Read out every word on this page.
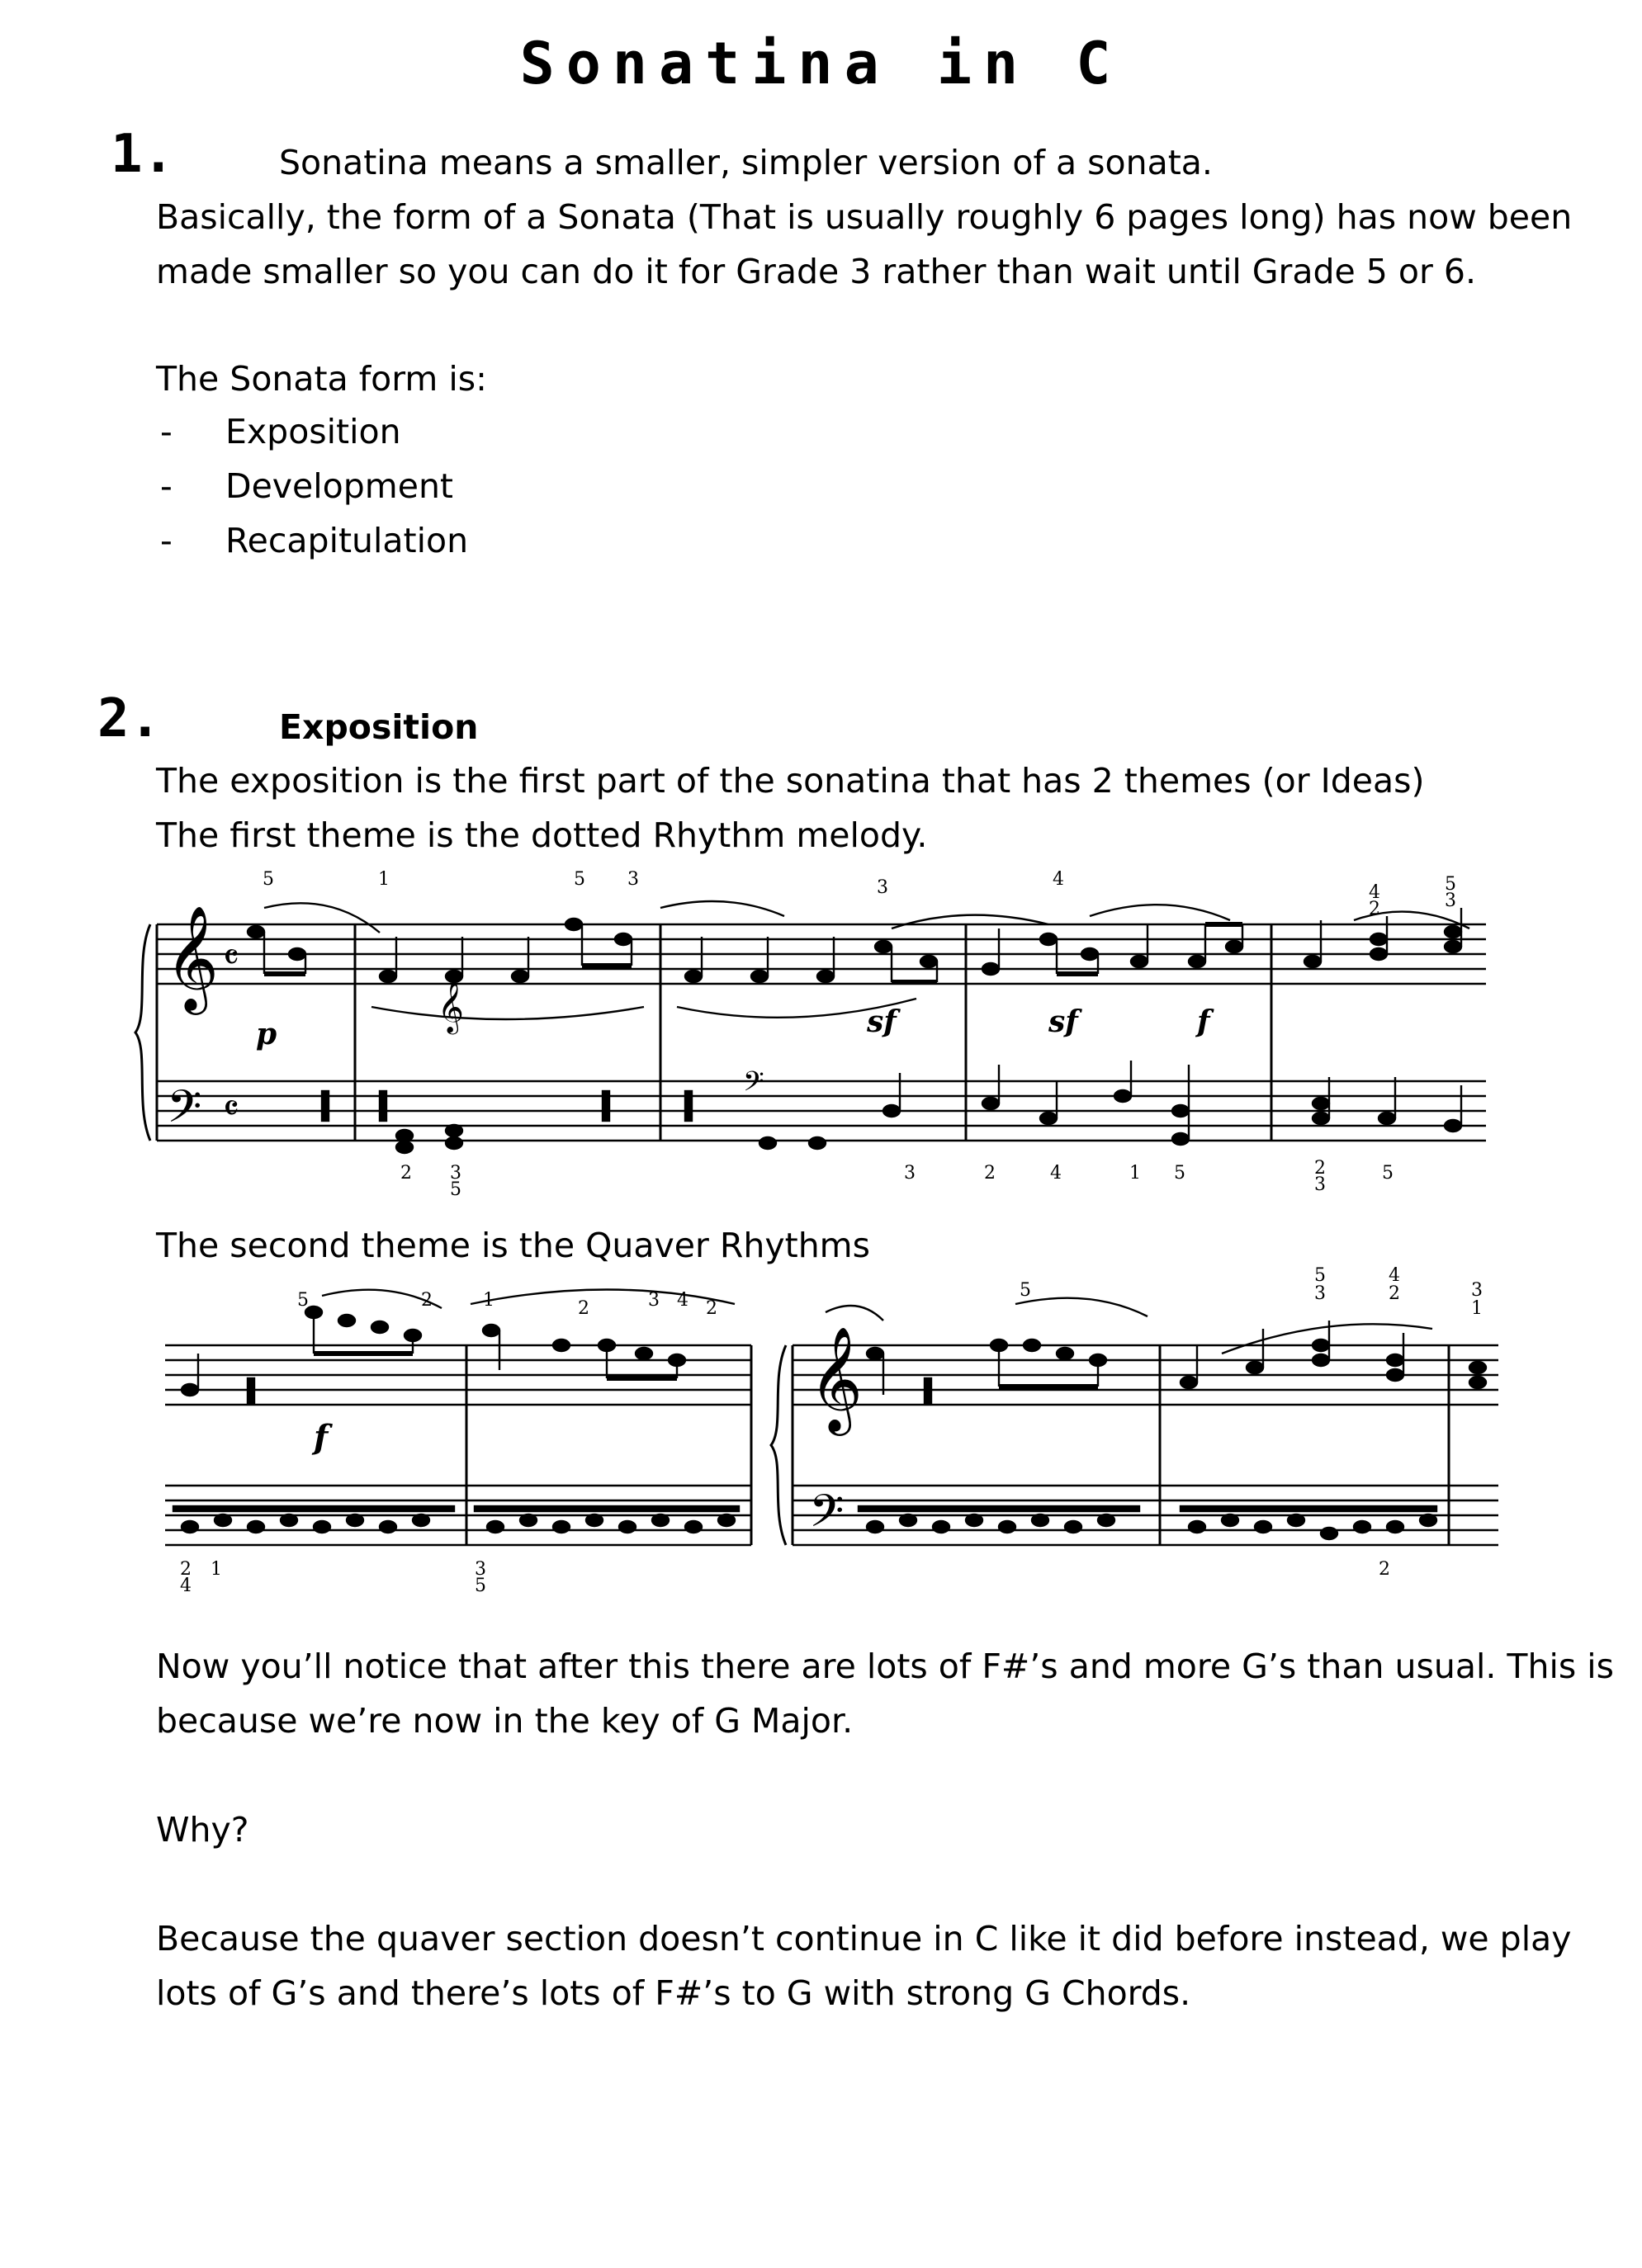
Sonatina in C
1.	Sonatina means a smaller, simpler version of a sonata.
Basically, the form of a Sonata (That is usually roughly 6 pages long) has now been
made smaller so you can do it for Grade 3 rather than wait until Grade 5 or 6.
The Sonata form is:
- Exposition
- Development
- Recapitulation
2.	Exposition
The exposition is the first part of the sonatina that has 2 themes (or Ideas)
The first theme is the dotted Rhythm melody.
𝄞
𝄢
𝄴
𝄴
𝄞
𝄢
p	sf	sf	f
5	1	5 3	3	4
4
2
5
3
2 3
5
3	2	4	1 5	2
3
5
The second theme is the Quaver Rhythms
𝄞
𝄢
f
5	2	1	2	3 4 2
5
5
3
4
2	3
1
2
4
1	3
5
2
Now you’ll notice that after this there are lots of F#’s and more G’s than usual. This is
because we’re now in the key of G Major.
Why?
Because the quaver section doesn’t continue in C like it did before instead, we play
lots of G’s and there’s lots of F#’s to G with strong G Chords.
